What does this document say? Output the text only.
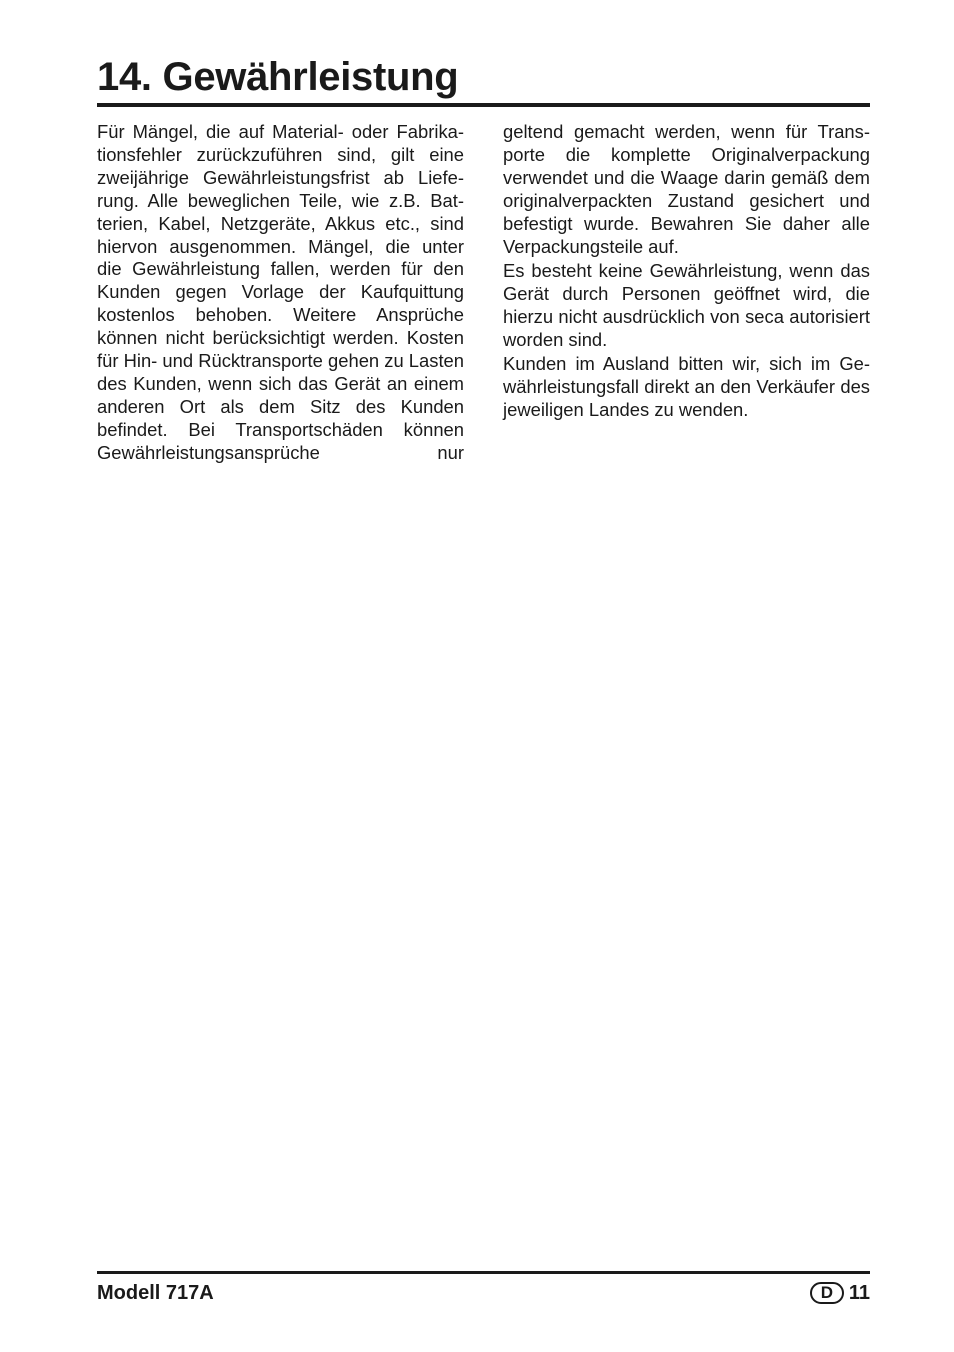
14. Gewährleistung

Für Mängel, die auf Material- oder Fabrikationsfehler zurückzuführen sind, gilt eine zweijährige Gewährleistungsfrist ab Lieferung. Alle beweglichen Teile, wie z.B. Batterien, Kabel, Netzgeräte, Akkus etc., sind hiervon ausgenommen. Mängel, die unter die Gewährleistung fallen, werden für den Kunden gegen Vorlage der Kaufquittung kostenlos behoben. Weitere Ansprüche können nicht berücksichtigt werden. Kosten für Hin- und Rücktransporte gehen zu Lasten des Kunden, wenn sich das Gerät an einem anderen Ort als dem Sitz des Kunden befindet. Bei Transportschäden können Gewährleistungsansprüche nur

geltend gemacht werden, wenn für Transporte die komplette Originalverpackung verwendet und die Waage darin gemäß dem originalverpackten Zustand gesichert und befestigt wurde. Bewahren Sie daher alle Verpackungsteile auf.

Es besteht keine Gewährleistung, wenn das Gerät durch Personen geöffnet wird, die hierzu nicht ausdrücklich von seca autorisiert worden sind.

Kunden im Ausland bitten wir, sich im Gewährleistungsfall direkt an den Verkäufer des jeweiligen Landes zu wenden.

Modell 717A	D 11
